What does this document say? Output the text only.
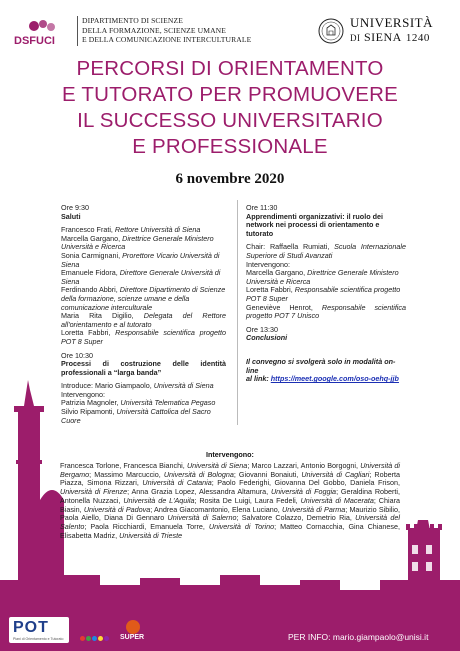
DSFUCI
DIPARTIMENTO DI SCIENZE
DELLA FORMAZIONE, SCIENZE UMANE
E DELLA COMUNICAZIONE INTERCULTURALE
UNIVERSITÀ
DI SIENA 1240
PERCORSI DI ORIENTAMENTO
E TUTORATO PER PROMUOVERE
IL SUCCESSO UNIVERSITARIO
E PROFESSIONALE
6 novembre 2020

Ore 9:30

Saluti

Francesco Frati, Rettore Università di Siena

Marcella Gargano, Direttrice Generale Ministero Università e Ricerca

Sonia Carmignani, Prorettore Vicario Università di Siena

Emanuele Fidora, Direttore Generale Università di Siena

Ferdinando Abbri, Direttore Dipartimento di Scienze della formazione, scienze umane e della comunicazione interculturale

Maria Rita Digilio, Delegata del Rettore all'orientamento e al tutorato

Loretta Fabbri, Responsabile scientifica progetto POT 8 Super

Ore 10:30

Processi di costruzione delle identità professionali a “larga banda”

Introduce: Mario Giampaolo, Università di Siena

Intervengono:

Patrizia Magnoler, Università Telematica Pegaso

Silvio Ripamonti, Università Cattolica del Sacro Cuore

Ore 11:30

Apprendimenti organizzativi: il ruolo dei network nei processi di orientamento e tutorato

Chair: Raffaella Rumiati, Scuola Internazionale Superiore di Studi Avanzati

Intervengono:

Marcella Gargano, Direttrice Generale Ministero Università e Ricerca

Loretta Fabbri, Responsabile scientifica progetto POT 8 Super

Geneviève Henrot, Responsabile scientifica progetto POT 7 Unisco

Ore 13:30

Conclusioni

Il convegno si svolgerà solo in modalità on-line

al link: https://meet.google.com/oso-oehq-jjb

Intervengono:
Francesca Torlone, Francesca Bianchi, Università di Siena; Marco Lazzari, Antonio Borgogni, Università di Bergamo; Massimo Marcuccio, Università di Bologna; Giovanni Bonaiuti, Università di Cagliari; Roberta Piazza, Simona Rizzari, Università di Catania; Paolo Federighi, Giovanna Del Gobbo, Daniela Frison, Università di Firenze; Anna Grazia Lopez, Alessandra Altamura, Università di Foggia; Geraldina Roberti, Antonella Nuzzaci, Università de L'Aquila; Rosita De Luigi, Laura Fedeli, Università di Macerata; Chiara Biasin, Università di Padova; Andrea Giacomantonio, Elena Luciano, Università di Parma; Maurizio Sibilio, Paola Aiello, Diana Di Gennaro Università di Salerno; Salvatore Colazzo, Demetrio Ria, Università del Salento; Paola Ricchiardi, Emanuela Torre, Università di Torino; Matteo Cornacchia, Gina Chianese, Elisabetta Madriz, Università di Trieste
POT
Piani di Orientamento e Tutorato	SUPER	PER INFO: mario.giampaolo@unisi.it
